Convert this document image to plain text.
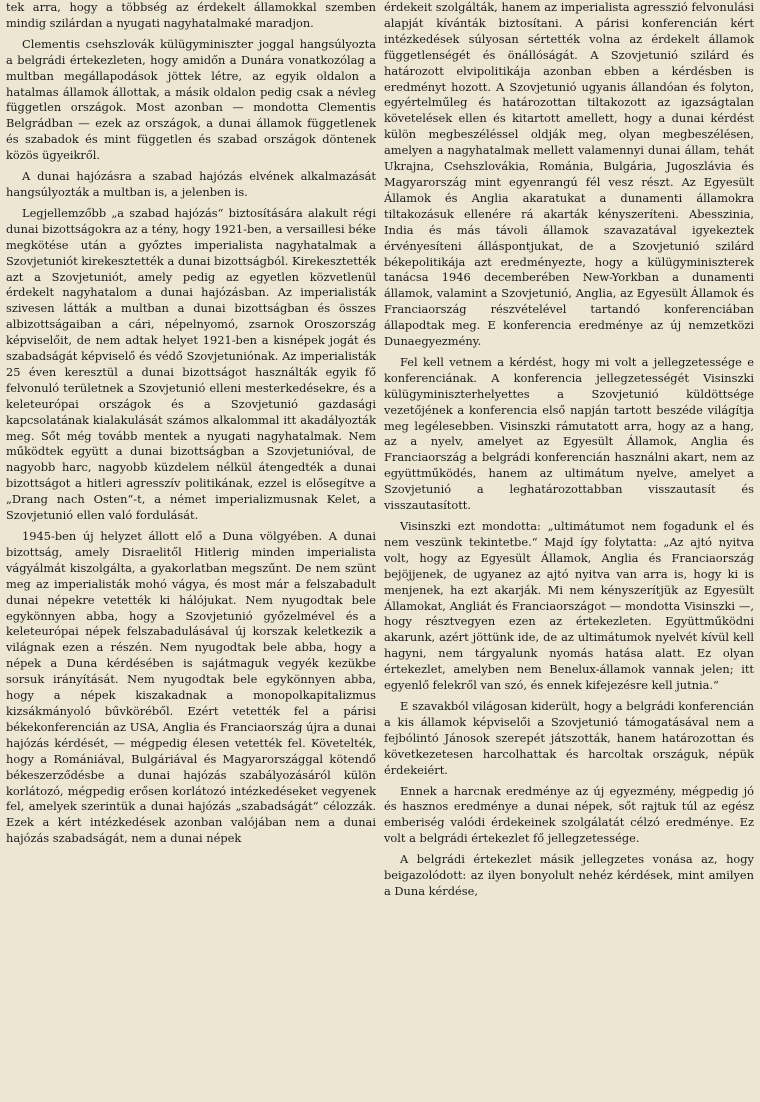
tek arra, hogy a többség az érdekelt államokkal szemben mindig szilárdan a nyugati nagyhatalmaké maradjon.

Clementis csehszlovák külügyminiszter joggal hangsúlyozta a belgrádi értekezleten, hogy amidőn a Dunára vonatkozólag a multban megállapodások jöttek létre, az egyik oldalon a hatalmas államok állottak, a másik oldalon pedig csak a névleg független országok. Most azonban — mondotta Clementis Belgrádban — ezek az országok, a dunai államok függetlenek és szabadok és mint független és szabad országok döntenek közös ügyeikről.

A dunai hajózásra a szabad hajózás elvének alkalmazását hangsúlyozták a multban is, a jelenben is.

Legjellemzőbb „a szabad hajózás“ biztosítására alakult régi dunai bizottságokra az a tény, hogy 1921-ben, a versaillesi béke megkötése után a győztes imperialista nagyhatalmak a Szovjetuniót kirekesztették a dunai bizottságból. Kirekesztették azt a Szovjetuniót, amely pedig az egyetlen közvetlenül érdekelt nagyhatalom a dunai hajózásban. Az imperialisták szivesen látták a multban a dunai bizottságban és összes albizottságaiban a cári, népelnyomó, zsarnok Oroszország képviselőit, de nem adtak helyet 1921-ben a kisnépek jogát és szabadságát képviselő és védő Szovjetuniónak. Az imperialisták 25 éven keresztül a dunai bizottságot használták egyik fő felvonuló területnek a Szovjetunió elleni mesterkedésekre, és a keleteurópai országok és a Szovjetunió gazdasági kapcsolatának kialakulását számos alkalommal itt akadályozták meg. Sőt még tovább mentek a nyugati nagyhatalmak. Nem működtek együtt a dunai bizottságban a Szovjetunióval, de nagyobb harc, nagyobb küzdelem nélkül átengedték a dunai bizottságot a hitleri agresszív politikának, ezzel is elősegítve a „Drang nach Osten“-t, a német imperializmusnak Kelet, a Szovjetunió ellen való fordulását.

1945-ben új helyzet állott elő a Duna völgyében. A dunai bizottság, amely Disraelitől Hitlerig minden imperialista vágyálmát kiszolgálta, a gyakorlatban megszűnt. De nem szünt meg az imperialisták mohó vágya, és most már a felszabadult dunai népekre vetették ki hálójukat. Nem nyugodtak bele egykönnyen abba, hogy a Szovjetunió győzelmével és a keleteurópai népek felszabadulásával új korszak keletkezik a világnak ezen a részén. Nem nyugodtak bele abba, hogy a népek a Duna kérdésében is sajátmaguk vegyék kezükbe sorsuk irányítását. Nem nyugodtak bele egykönnyen abba, hogy a népek kiszakadnak a monopolkapitalizmus kizsákmányoló bűvköréből. Ezért vetették fel a párisi békekonferencián az USA, Anglia és Franciaország újra a dunai hajózás kérdését, — mégpedig élesen vetették fel. Követelték, hogy a Romániával, Bulgáriával és Magyarországgal kötendő békeszerződésbe a dunai hajózás szabályozásáról külön korlátozó, mégpedig erősen korlátozó intézkedéseket vegyenek fel, amelyek szerintük a dunai hajózás „szabadságát“ célozzák. Ezek a kért intézkedések azonban valójában nem a dunai hajózás szabadságát, nem a dunai népek

érdekeit szolgálták, hanem az imperialista agresszió felvonulási alapját kívánták biztosítani. A párisi konferencián kért intézkedések súlyosan sértették volna az érdekelt államok függetlenségét és önállóságát. A Szovjetunió szilárd és határozott elvipolitikája azonban ebben a kérdésben is eredményt hozott. A Szovjetunió ugyanis állandóan és folyton, egyértelműleg és határozottan tiltakozott az igazságtalan követelések ellen és kitartott amellett, hogy a dunai kérdést külön megbeszéléssel oldják meg, olyan megbeszélésen, amelyen a nagyhatalmak mellett valamennyi dunai állam, tehát Ukrajna, Csehszlovákia, Románia, Bulgária, Jugoszlávia és Magyarország mint egyenrangú fél vesz részt. Az Egyesült Államok és Anglia akaratukat a dunamenti államokra tiltakozásuk ellenére rá akarták kényszeríteni. Abesszinia, India és más távoli államok szavazatával igyekeztek érvényesíteni álláspontjukat, de a Szovjetunió szilárd békepolitikája azt eredményezte, hogy a külügyminiszterek tanácsa 1946 decemberében New-Yorkban a dunamenti államok, valamint a Szovjetunió, Anglia, az Egyesült Államok és Franciaország részvételével tartandó konferenciában állapodtak meg. E konferencia eredménye az új nemzetközi Dunaegyezmény.

Fel kell vetnem a kérdést, hogy mi volt a jellegzetessége e konferenciának. A konferencia jellegzetességét Visinszki külügyminiszterhelyettes a Szovjetunió küldöttsége vezetőjének a konferencia első napján tartott beszéde világítja meg legélesebben. Visinszki rámutatott arra, hogy az a hang, az a nyelv, amelyet az Egyesült Államok, Anglia és Franciaország a belgrádi konferencián használni akart, nem az együttműködés, hanem az ultimátum nyelve, amelyet a Szovjetunió a leghatározottabban visszautasít és visszautasított.

Visinszki ezt mondotta: „ultimátumot nem fogadunk el és nem veszünk tekintetbe.“ Majd így folytatta: „Az ajtó nyitva volt, hogy az Egyesült Államok, Anglia és Franciaország bejöjjenek, de ugyanez az ajtó nyitva van arra is, hogy ki is menjenek, ha ezt akarják. Mi nem kényszerítjük az Egyesült Államokat, Angliát és Franciaországot — mondotta Visinszki —, hogy résztvegyen ezen az értekezleten. Együttműködni akarunk, azért jöttünk ide, de az ultimátumok nyelvét kívül kell hagyni, nem tárgyalunk nyomás hatása alatt. Ez olyan értekezlet, amelyben nem Benelux-államok vannak jelen; itt egyenlő felekről van szó, és ennek kifejezésre kell jutnia.“

E szavakból világosan kiderült, hogy a belgrádi konferencián a kis államok képviselői a Szovjetunió támogatásával nem a fejbólintó Jánosok szerepét játszották, hanem határozottan és következetesen harcolhattak és harcoltak országuk, népük érdekeiért.

Ennek a harcnak eredménye az új egyezmény, mégpedig jó és hasznos eredménye a dunai népek, sőt rajtuk túl az egész emberiség valódi érdekeinek szolgálatát célzó eredménye. Ez volt a belgrádi értekezlet fő jellegzetessége.

A belgrádi értekezlet másik jellegzetes vonása az, hogy beigazolódott: az ilyen bonyolult nehéz kérdések, mint amilyen a Duna kérdése,
